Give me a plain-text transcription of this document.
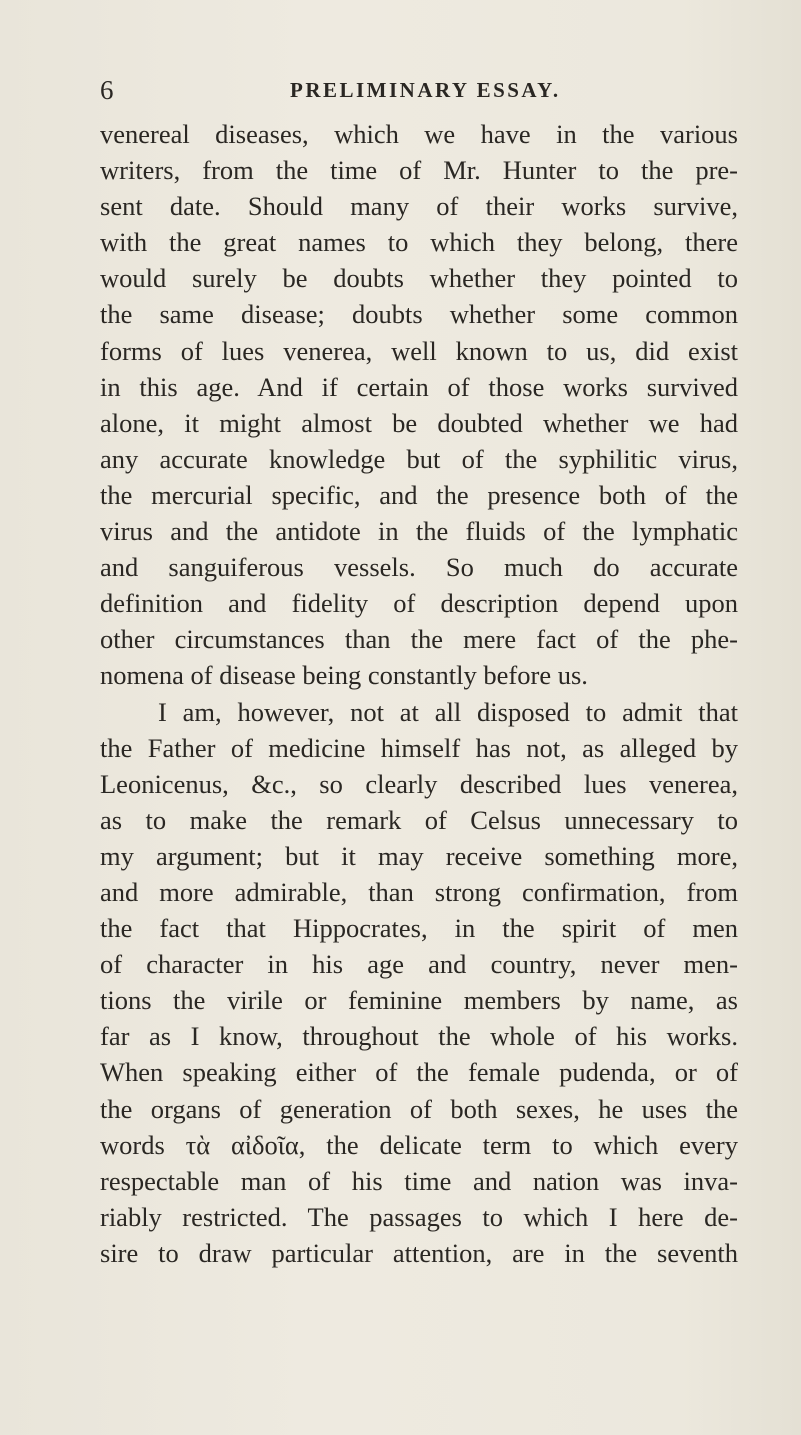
6	PRELIMINARY ESSAY.
venereal diseases, which we have in the various
writers, from the time of Mr. Hunter to the pre-
sent date. Should many of their works survive,
with the great names to which they belong, there
would surely be doubts whether they pointed to
the same disease; doubts whether some common
forms of lues venerea, well known to us, did exist
in this age. And if certain of those works survived
alone, it might almost be doubted whether we had
any accurate knowledge but of the syphilitic virus,
the mercurial specific, and the presence both of the
virus and the antidote in the fluids of the lymphatic
and sanguiferous vessels. So much do accurate
definition and fidelity of description depend upon
other circumstances than the mere fact of the phe-
nomena of disease being constantly before us.
I am, however, not at all disposed to admit that
the Father of medicine himself has not, as alleged by
Leonicenus, &c., so clearly described lues venerea,
as to make the remark of Celsus unnecessary to
my argument; but it may receive something more,
and more admirable, than strong confirmation, from
the fact that Hippocrates, in the spirit of men
of character in his age and country, never men-
tions the virile or feminine members by name, as
far as I know, throughout the whole of his works.
When speaking either of the female pudenda, or of
the organs of generation of both sexes, he uses the
words τὰ αἰδοῖα, the delicate term to which every
respectable man of his time and nation was inva-
riably restricted. The passages to which I here de-
sire to draw particular attention, are in the seventh
